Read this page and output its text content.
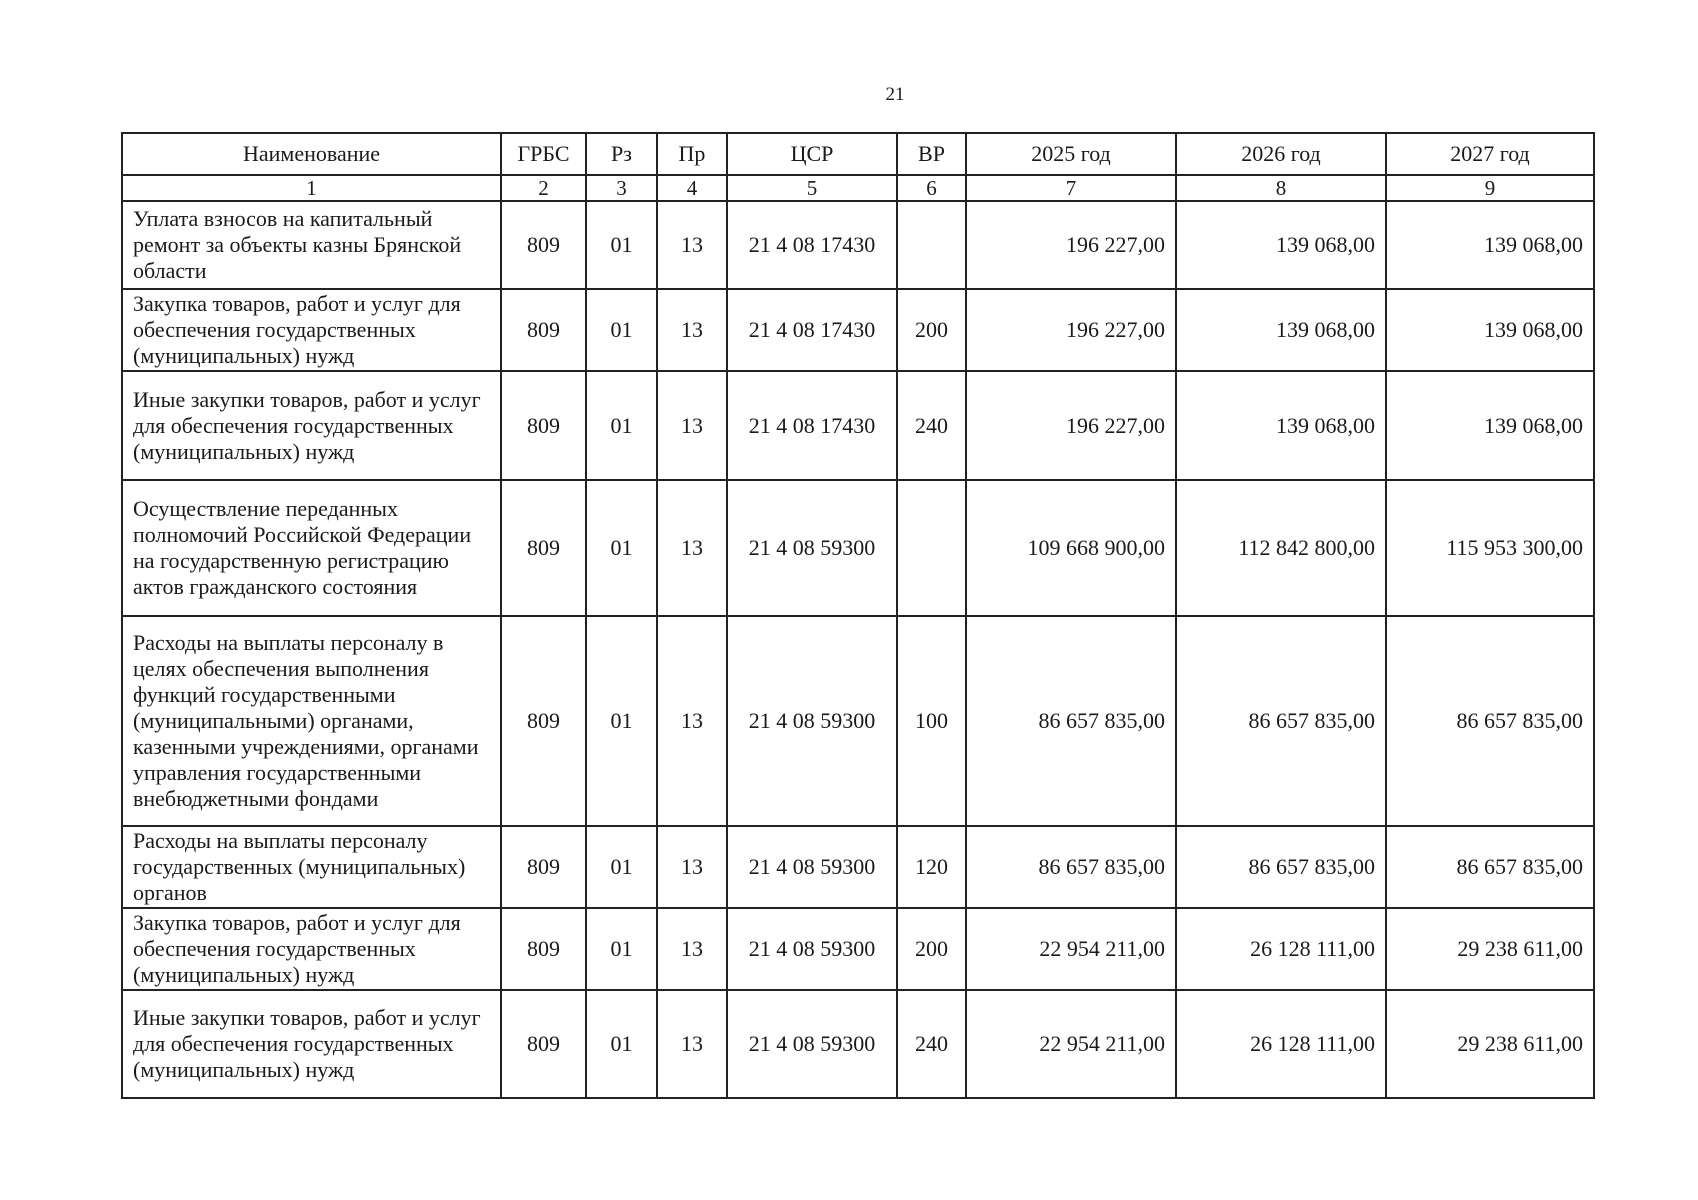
21
Наименование	ГРБС	Рз	Пр	ЦСР	ВР	2025 год	2026 год	2027 год
1	2	3	4	5	6	7	8	9
Уплата взносов на капитальный ремонт за объекты казны Брянской области	809	01	13	21 4 08 17430		196 227,00	139 068,00	139 068,00
Закупка товаров, работ и услуг для обеспечения государственных (муниципальных) нужд	809	01	13	21 4 08 17430	200	196 227,00	139 068,00	139 068,00
Иные закупки товаров, работ и услуг для обеспечения государственных (муниципальных) нужд	809	01	13	21 4 08 17430	240	196 227,00	139 068,00	139 068,00
Осуществление переданных полномочий Российской Федерации на государственную регистрацию актов гражданского состояния	809	01	13	21 4 08 59300		109 668 900,00	112 842 800,00	115 953 300,00
Расходы на выплаты персоналу в целях обеспечения выполнения функций государственными (муниципальными) органами, казенными учреждениями, органами управления государственными внебюджетными фондами	809	01	13	21 4 08 59300	100	86 657 835,00	86 657 835,00	86 657 835,00
Расходы на выплаты персоналу государственных (муниципальных) органов	809	01	13	21 4 08 59300	120	86 657 835,00	86 657 835,00	86 657 835,00
Закупка товаров, работ и услуг для обеспечения государственных (муниципальных) нужд	809	01	13	21 4 08 59300	200	22 954 211,00	26 128 111,00	29 238 611,00
Иные закупки товаров, работ и услуг для обеспечения государственных (муниципальных) нужд	809	01	13	21 4 08 59300	240	22 954 211,00	26 128 111,00	29 238 611,00
